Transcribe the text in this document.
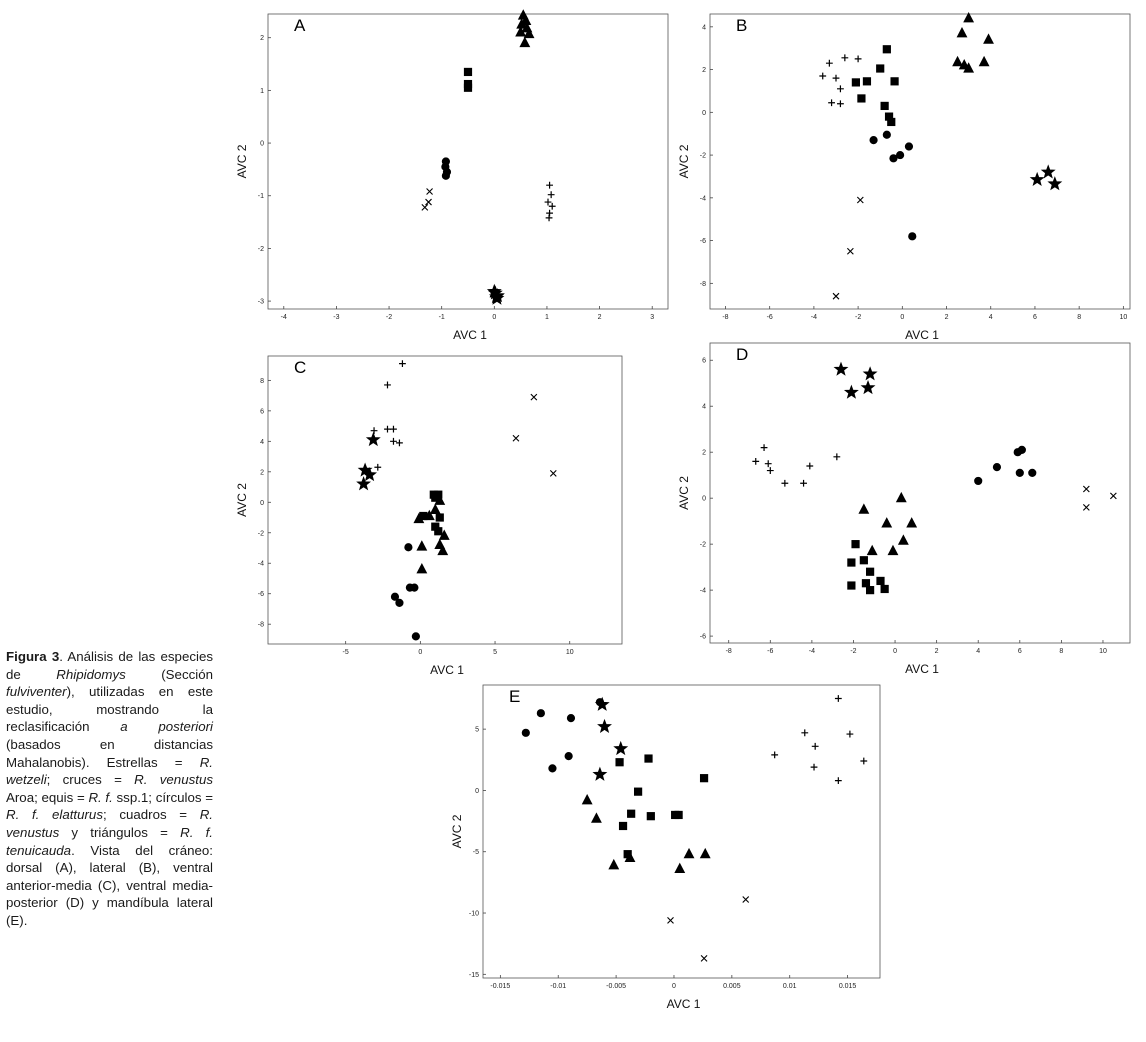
-4	-3	-2	-1	0	1	2	3
-3
-2
-1
0
1
2
AVC 1
AVC 2
A
-8	-6	-4	-2	0	2	4	6	8	10
-8
-6
-4
-2
0
2
4
AVC 1
AVC 2
B
-5	0	5	10
-8
-6
-4
-2
0
2
4
6
8
AVC 1
AVC 2
C
-8	-6	-4	-2	0	2	4	6	8	10
-6
-4
-2
0
2
4
6
AVC 1
AVC 2
D
-0.015	-0.01	-0.005	0	0.005	0.01	0.015
-15
-10
-5
0
5
AVC 1
AVC 2
E
Figura 3. Análisis de las especies de Rhipidomys (Sección fulviventer), utilizadas en este estudio, mostrando la reclasificación a posteriori (basados en distancias Mahalanobis). Estrellas = R. wetzeli; cruces = R. venustus Aroa; equis = R. f. ssp.1; círculos = R. f. elatturus; cuadros = R. venustus y triángulos = R. f. tenuicauda. Vista del cráneo: dorsal (A), lateral (B), ventral anterior-media (C), ventral media-posterior (D) y mandíbula lateral (E).
